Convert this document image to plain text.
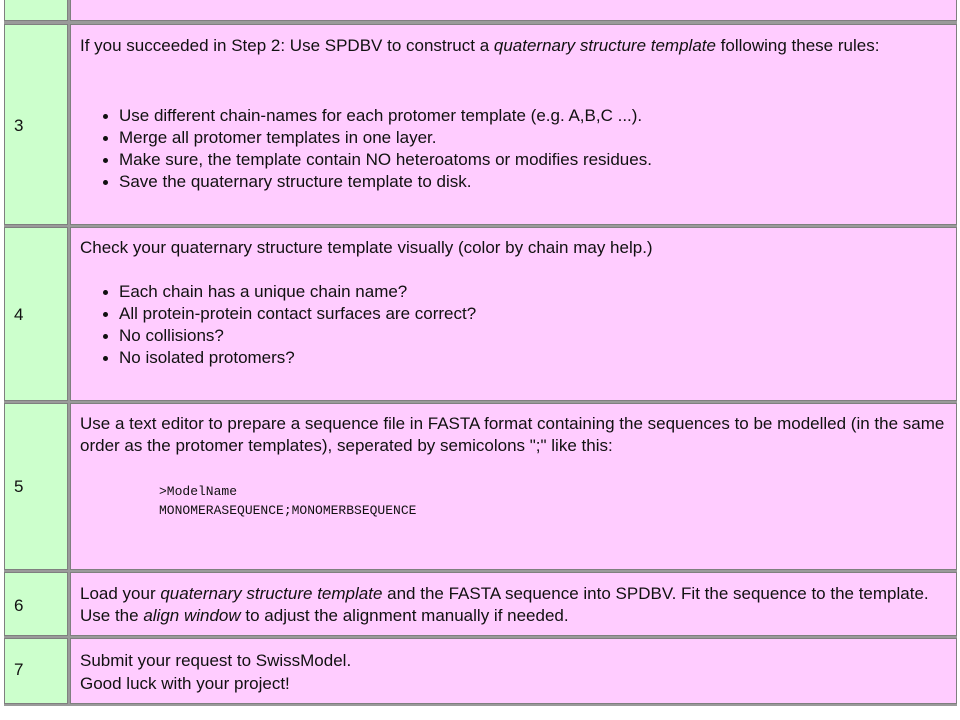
3

If you succeeded in Step 2: Use SPDBV to construct a quaternary structure template following these rules:

Use different chain-names for each protomer template (e.g. A,B,C ...).
Merge all protomer templates in one layer.
Make sure, the template contain NO heteroatoms or modifies residues.
Save the quaternary structure template to disk.
4

Check your quaternary structure template visually (color by chain may help.)

Each chain has a unique chain name?
All protein-protein contact surfaces are correct?
No collisions?
No isolated protomers?
5

Use a text editor to prepare a sequence file in FASTA format containing the sequences to be modelled (in the same order as the protomer templates), seperated by semicolons ";" like this:

>ModelName
MONOMERASEQUENCE;MONOMERBSEQUENCE
6

Load your quaternary structure template and the FASTA sequence into SPDBV. Fit the sequence to the template. Use the align window to adjust the alignment manually if needed.

7	Submit your request to SwissModel.

Good luck with your project!
